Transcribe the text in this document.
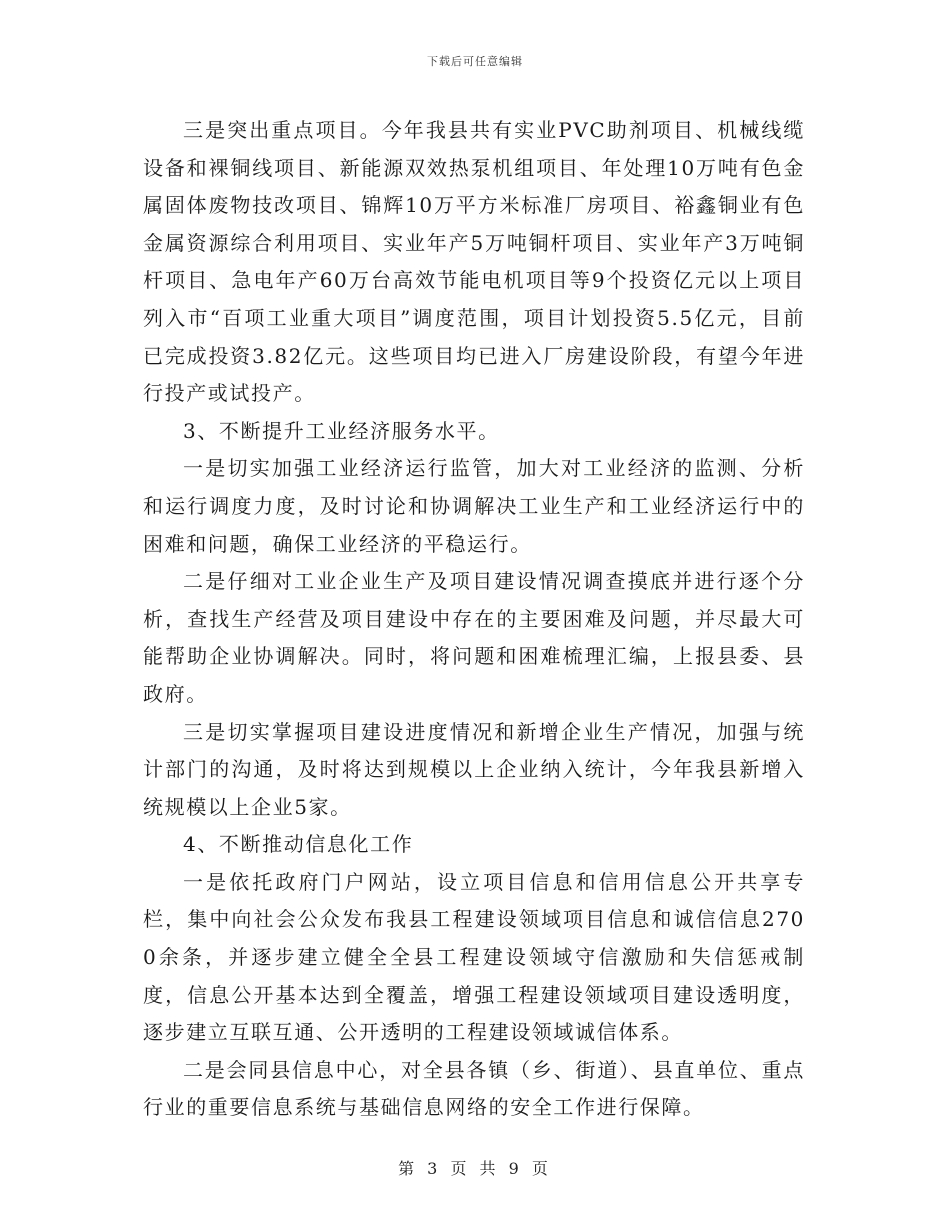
下载后可任意编辑

三是突出重点项目。今年我县共有实业PVC助剂项目、机械线缆设备和裸铜线项目、新能源双效热泵机组项目、年处理10万吨有色金属固体废物技改项目、锦辉10万平方米标准厂房项目、裕鑫铜业有色金属资源综合利用项目、实业年产5万吨铜杆项目、实业年产3万吨铜杆项目、急电年产60万台高效节能电机项目等9个投资亿元以上项目列入市“百项工业重大项目”调度范围，项目计划投资5.5亿元，目前已完成投资3.82亿元。这些项目均已进入厂房建设阶段，有望今年进行投产或试投产。

3、不断提升工业经济服务水平。

一是切实加强工业经济运行监管，加大对工业经济的监测、分析和运行调度力度，及时讨论和协调解决工业生产和工业经济运行中的困难和问题，确保工业经济的平稳运行。

二是仔细对工业企业生产及项目建设情况调查摸底并进行逐个分析，查找生产经营及项目建设中存在的主要困难及问题，并尽最大可能帮助企业协调解决。同时，将问题和困难梳理汇编，上报县委、县政府。

三是切实掌握项目建设进度情况和新增企业生产情况，加强与统计部门的沟通，及时将达到规模以上企业纳入统计，今年我县新增入统规模以上企业5家。

4、不断推动信息化工作

一是依托政府门户网站，设立项目信息和信用信息公开共享专栏，集中向社会公众发布我县工程建设领域项目信息和诚信信息2700余条，并逐步建立健全全县工程建设领域守信激励和失信惩戒制度，信息公开基本达到全覆盖，增强工程建设领域项目建设透明度，逐步建立互联互通、公开透明的工程建设领域诚信体系。

二是会同县信息中心，对全县各镇（乡、街道）、县直单位、重点行业的重要信息系统与基础信息网络的安全工作进行保障。

第 3 页 共 9 页
